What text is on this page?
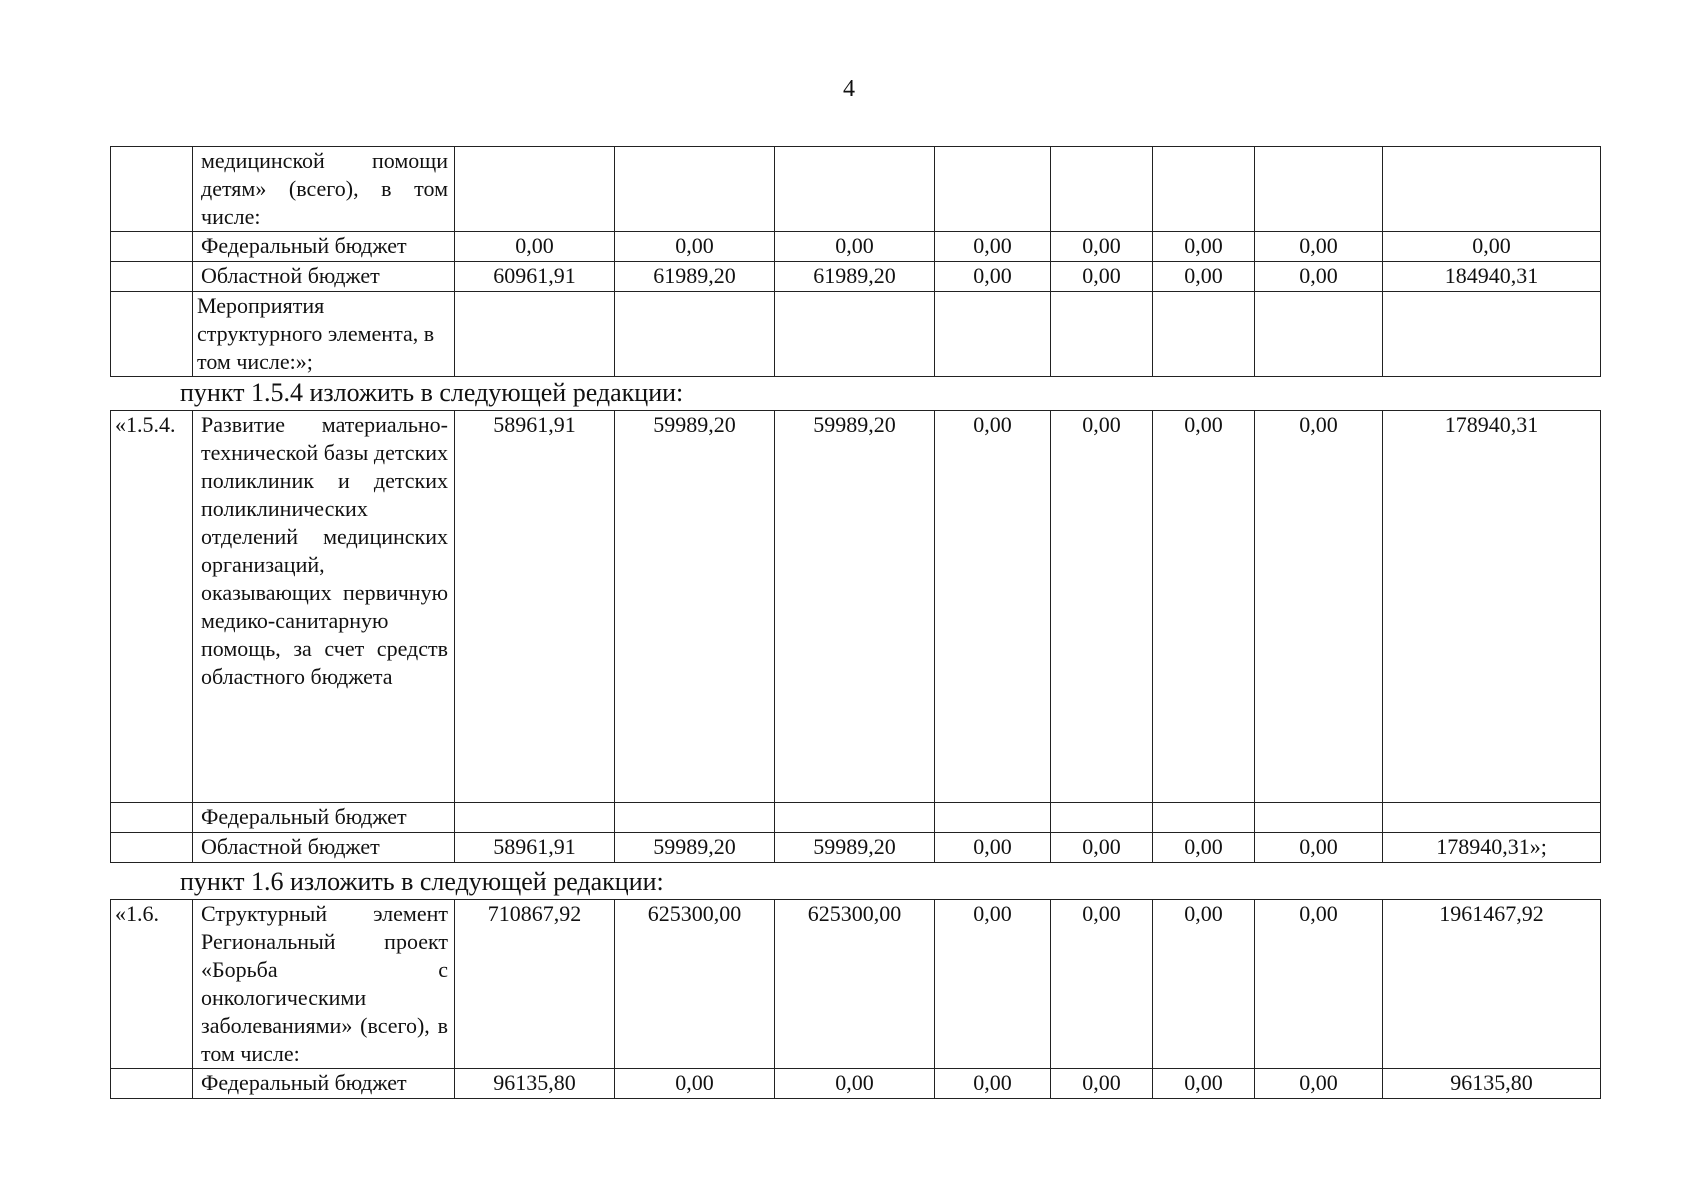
4
	медицинской помощи детям» (всего), в том числе:								
	Федеральный бюджет	0,00	0,00	0,00	0,00	0,00	0,00	0,00	0,00
	Областной бюджет	60961,91	61989,20	61989,20	0,00	0,00	0,00	0,00	184940,31
	Мероприятия структурного элемента, в том числе:»;								
пункт 1.5.4 изложить в следующей редакции:
«1.5.4.	Развитие материально-технической базы детских поликлиник и детских поликлинических отделений медицинских организаций, оказывающих первичную медико-санитарную помощь, за счет средств областного бюджета	58961,91	59989,20	59989,20	0,00	0,00	0,00	0,00	178940,31
	Федеральный бюджет								
	Областной бюджет	58961,91	59989,20	59989,20	0,00	0,00	0,00	0,00	178940,31»;
пункт 1.6 изложить в следующей редакции:
«1.6.	Структурный элемент Региональный проект «Борьба с онкологическими заболеваниями» (всего), в том числе:	710867,92	625300,00	625300,00	0,00	0,00	0,00	0,00	1961467,92
	Федеральный бюджет	96135,80	0,00	0,00	0,00	0,00	0,00	0,00	96135,80
